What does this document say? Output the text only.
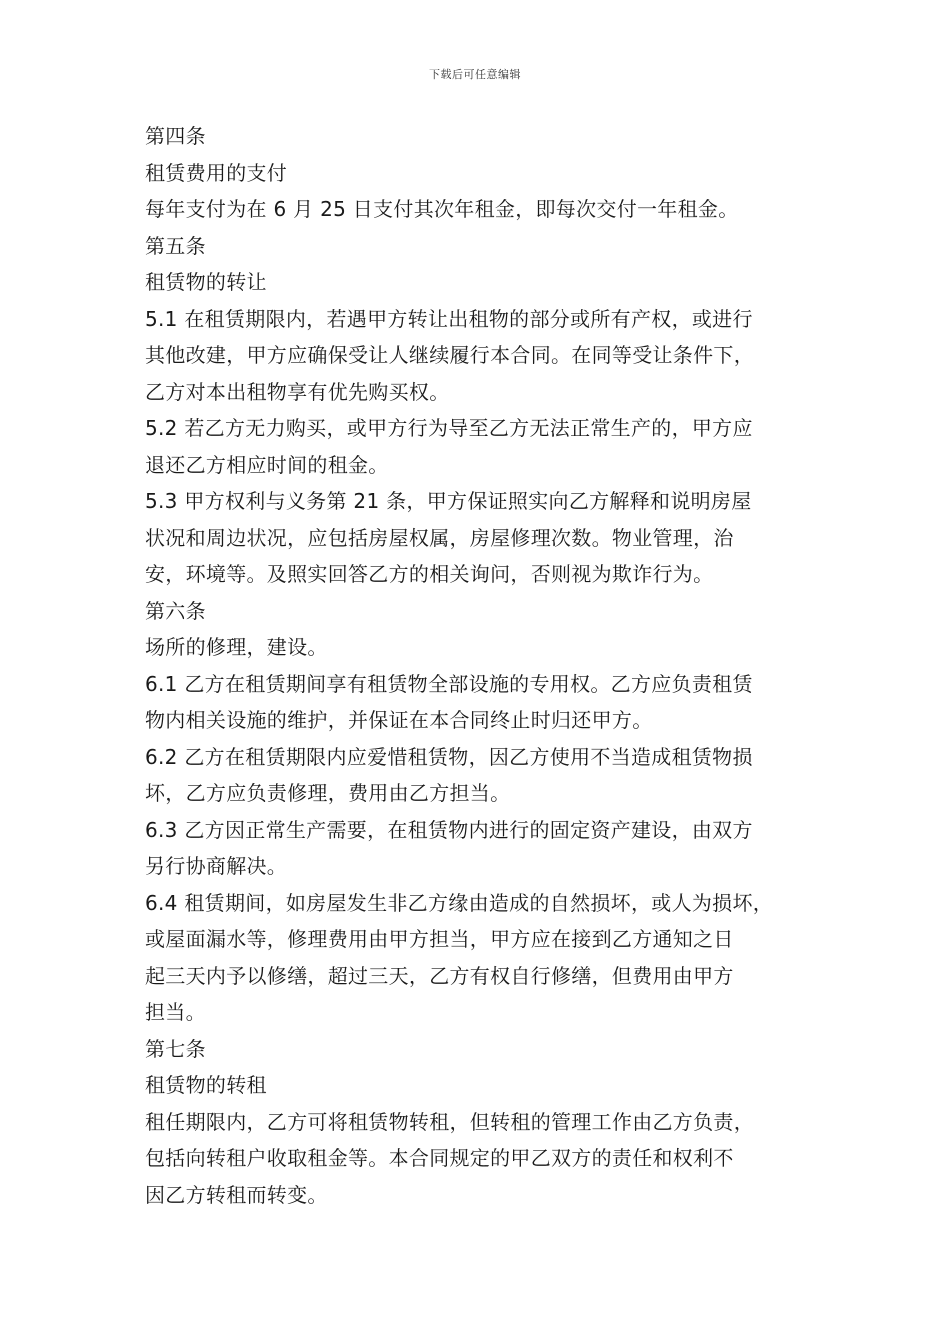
下载后可任意编辑

第四条

租赁费用的支付

每年支付为在 6 月 25 日支付其次年租金，即每次交付一年租金。

第五条

租赁物的转让

5.1 在租赁期限内，若遇甲方转让出租物的部分或所有产权，或进行

其他改建，甲方应确保受让人继续履行本合同。在同等受让条件下，

乙方对本出租物享有优先购买权。

5.2 若乙方无力购买，或甲方行为导至乙方无法正常生产的，甲方应

退还乙方相应时间的租金。

5.3 甲方权利与义务第 21 条，甲方保证照实向乙方解释和说明房屋

状况和周边状况，应包括房屋权属，房屋修理次数。物业管理，治

安，环境等。及照实回答乙方的相关询问，否则视为欺诈行为。

第六条

场所的修理，建设。

6.1 乙方在租赁期间享有租赁物全部设施的专用权。乙方应负责租赁

物内相关设施的维护，并保证在本合同终止时归还甲方。

6.2 乙方在租赁期限内应爱惜租赁物，因乙方使用不当造成租赁物损

坏，乙方应负责修理，费用由乙方担当。

6.3 乙方因正常生产需要，在租赁物内进行的固定资产建设，由双方

另行协商解决。

6.4 租赁期间，如房屋发生非乙方缘由造成的自然损坏，或人为损坏，

或屋面漏水等，修理费用由甲方担当，甲方应在接到乙方通知之日

起三天内予以修缮，超过三天，乙方有权自行修缮，但费用由甲方

担当。

第七条

租赁物的转租

租任期限内，乙方可将租赁物转租，但转租的管理工作由乙方负责，

包括向转租户收取租金等。本合同规定的甲乙双方的责任和权利不

因乙方转租而转变。
